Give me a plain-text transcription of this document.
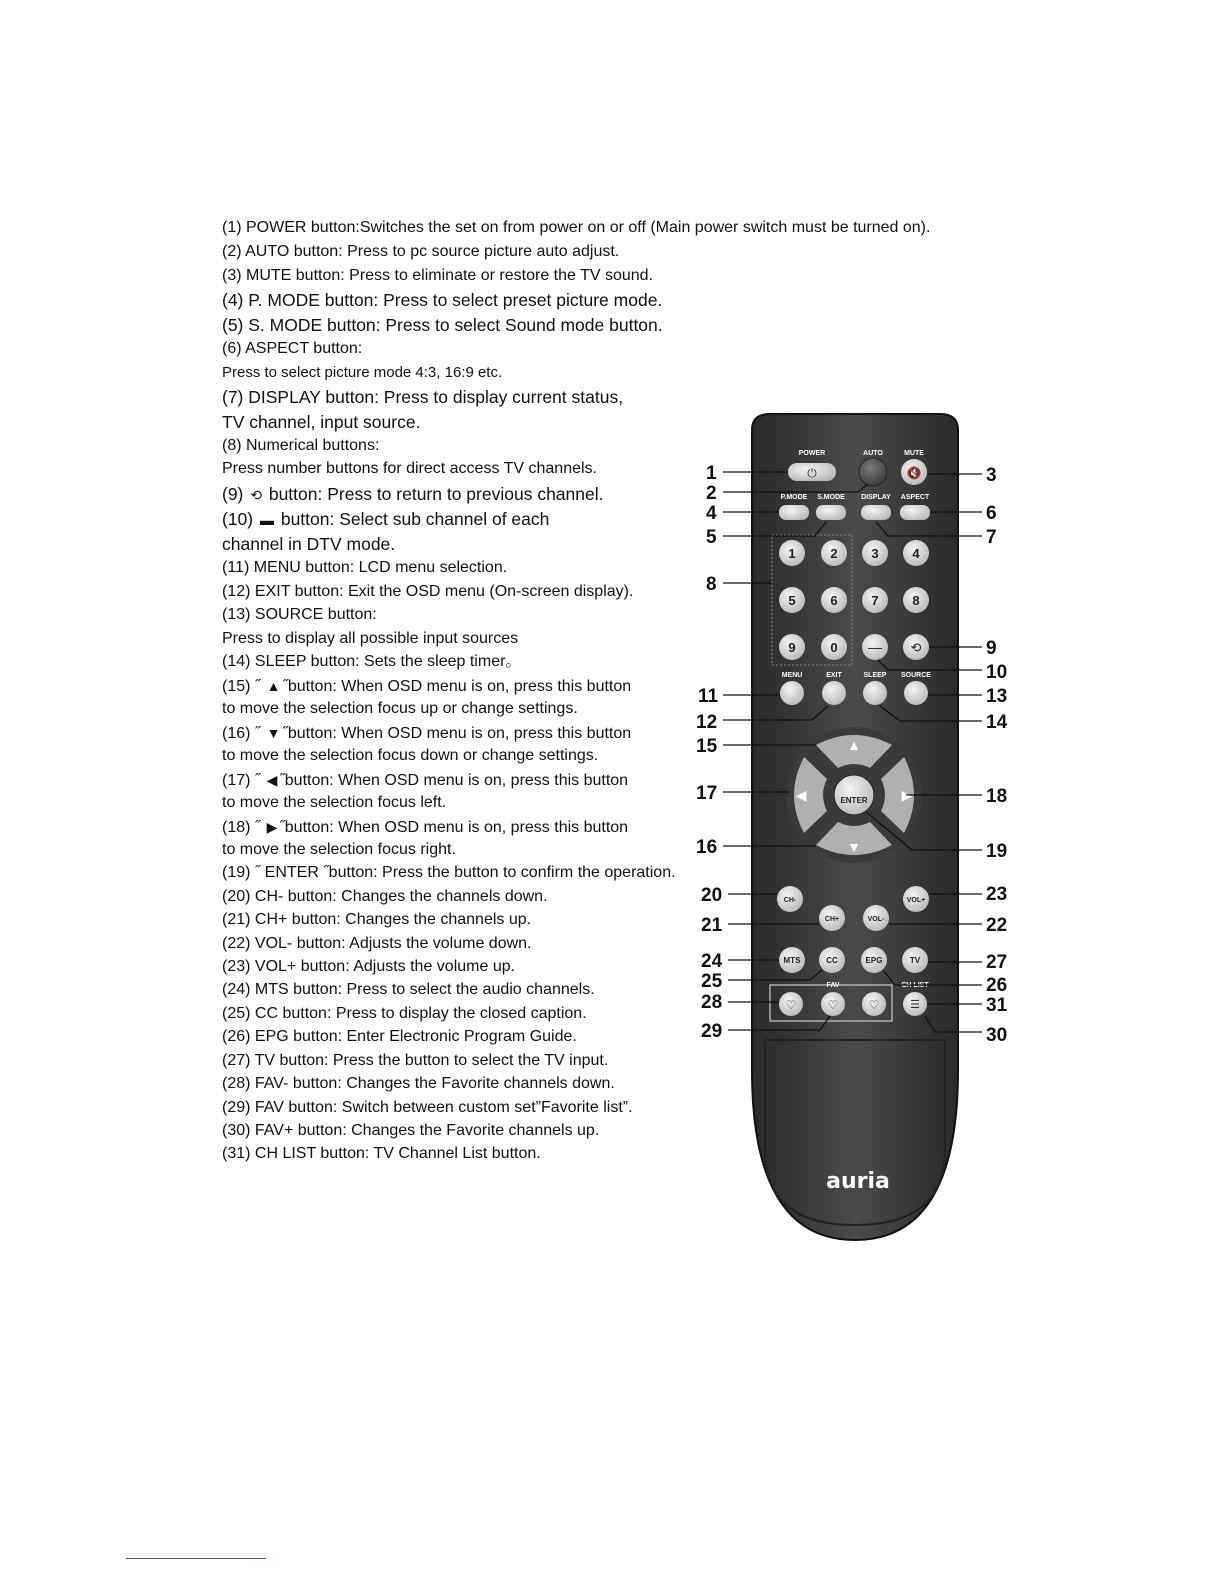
(1) POWER button:Switches the set on from power on or off (Main power switch must be turned on).
(2) AUTO button: Press to pc source picture auto adjust.
(3) MUTE button: Press to eliminate or restore the TV sound.
(4) P. MODE button: Press to select preset picture mode.
(5) S. MODE button: Press to select Sound mode button.
(6) ASPECT button:
Press to select picture mode 4:3, 16:9 etc.
(7) DISPLAY button: Press to display current status,
TV channel, input source.
(8) Numerical buttons:
Press number buttons for direct access TV channels.
(9) ⟲ button: Press to return to previous channel.
(10) ▬ button: Select sub channel of each
channel in DTV mode.
(11) MENU button: LCD menu selection.
(12) EXIT button: Exit the OSD menu (On-screen display).
(13) SOURCE button:
Press to display all possible input sources
(14) SLEEP button: Sets the sleep timer。
(15) ˝ ▲ ˝button: When OSD menu is on, press this button
to move the selection focus up or change settings.
(16) ˝ ▼ ˝button: When OSD menu is on, press this button
to move the selection focus down or change settings.
(17) ˝ ◀ ˝button: When OSD menu is on, press this button
to move the selection focus left.
(18) ˝ ▶ ˝button: When OSD menu is on, press this button
to move the selection focus right.
(19) ˝ ENTER ˝button: Press the button to confirm the operation.
(20) CH- button: Changes the channels down.
(21) CH+ button: Changes the channels up.
(22) VOL- button: Adjusts the volume down.
(23) VOL+ button: Adjusts the volume up.
(24) MTS button: Press to select the audio channels.
(25) CC button: Press to display the closed caption.
(26) EPG button: Enter Electronic Program Guide.
(27) TV button: Press the button to select the TV input.
(28) FAV- button: Changes the Favorite channels down.
(29) FAV button: Switch between custom set”Favorite list”.
(30) FAV+ button: Changes the Favorite channels up.
(31) CH LIST button: TV Channel List button.
auria
POWER	AUTO	MUTE
⏻	🔇
P.MODE S.MODE DISPLAY ASPECT
1	2	3	4
5	6	7	8
9	0 — ⟲
MENU	EXIT	SLEEP SOURCE
▲
▼
◀	▶
ENTER
CH-	VOL+
CH+	VOL-
MTS	CC	EPG	TV
FAV	CH LIST
♡	♡	♡	☰
1
2
3
4
5
6
7
8
9
10
11
12
13
14
15
16
17	18
19
20
21	22
23
24
25	26
27
28
29	30
31
